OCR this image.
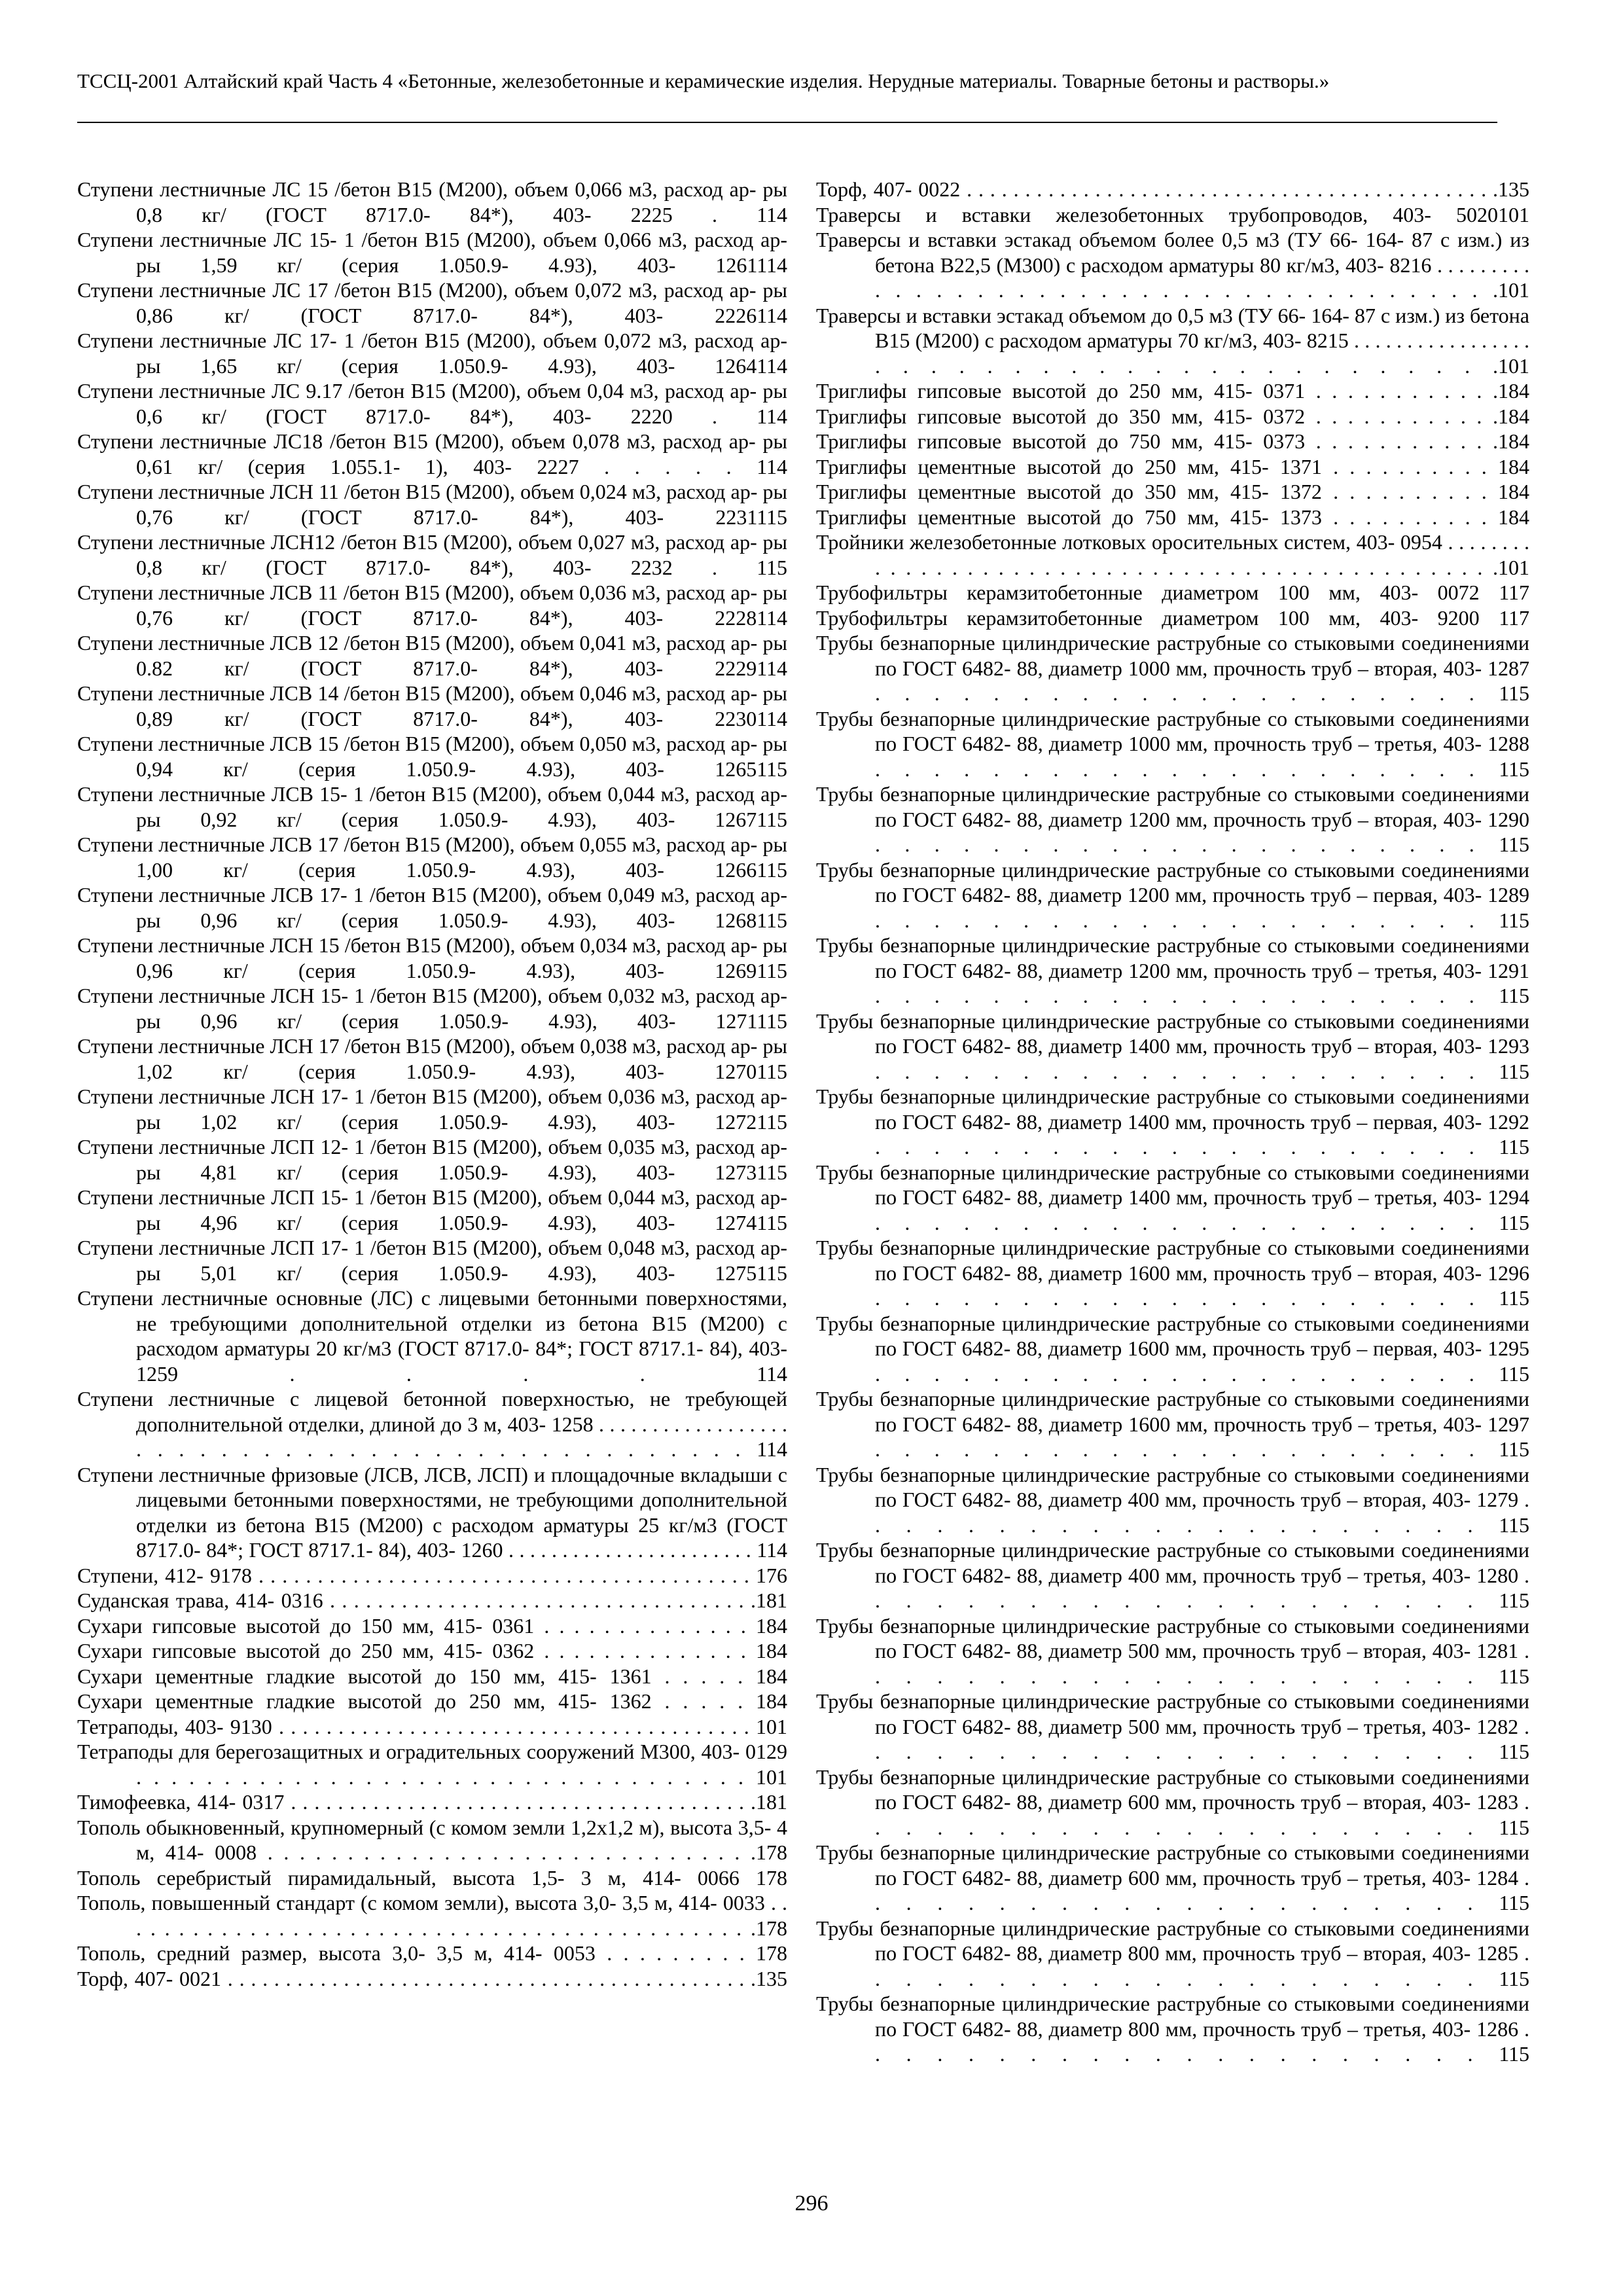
ТССЦ-2001 Алтайский край Часть 4 «Бетонные, железобетонные и керамические изделия. Нерудные материалы. Товарные бетоны и растворы.»

Ступени лестничные ЛС 15 /бетон В15 (М200), объем 0,066 м3, расход ар- ры 0,8 кг/ (ГОСТ 8717.0- 84*), 403- 2225 . 114

Ступени лестничные ЛС 15- 1 /бетон В15 (М200), объем 0,066 м3, расход ар- ры 1,59 кг/ (серия 1.050.9- 4.93), 403- 1261114

Ступени лестничные ЛС 17 /бетон В15 (М200), объем 0,072 м3, расход ар- ры 0,86 кг/ (ГОСТ 8717.0- 84*), 403- 2226114

Ступени лестничные ЛС 17- 1 /бетон В15 (М200), объем 0,072 м3, расход ар- ры 1,65 кг/ (серия 1.050.9- 4.93), 403- 1264114

Ступени лестничные ЛС 9.17 /бетон В15 (М200), объем 0,04 м3, расход ар- ры 0,6 кг/ (ГОСТ 8717.0- 84*), 403- 2220 . 114

Ступени лестничные ЛС18 /бетон В15 (М200), объем 0,078 м3, расход ар- ры 0,61 кг/ (серия 1.055.1- 1), 403- 2227 . . . . . 114

Ступени лестничные ЛСН 11 /бетон В15 (М200), объем 0,024 м3, расход ар- ры 0,76 кг/ (ГОСТ 8717.0- 84*), 403- 2231115

Ступени лестничные ЛСН12 /бетон В15 (М200), объем 0,027 м3, расход ар- ры 0,8 кг/ (ГОСТ 8717.0- 84*), 403- 2232 . 115

Ступени лестничные ЛСВ 11 /бетон В15 (М200), объем 0,036 м3, расход ар- ры 0,76 кг/ (ГОСТ 8717.0- 84*), 403- 2228114

Ступени лестничные ЛСВ 12 /бетон В15 (М200), объем 0,041 м3, расход ар- ры 0.82 кг/ (ГОСТ 8717.0- 84*), 403- 2229114

Ступени лестничные ЛСВ 14 /бетон В15 (М200), объем 0,046 м3, расход ар- ры 0,89 кг/ (ГОСТ 8717.0- 84*), 403- 2230114

Ступени лестничные ЛСВ 15 /бетон В15 (М200), объем 0,050 м3, расход ар- ры 0,94 кг/ (серия 1.050.9- 4.93), 403- 1265115

Ступени лестничные ЛСВ 15- 1 /бетон В15 (М200), объем 0,044 м3, расход ар- ры 0,92 кг/ (серия 1.050.9- 4.93), 403- 1267115

Ступени лестничные ЛСВ 17 /бетон В15 (М200), объем 0,055 м3, расход ар- ры 1,00 кг/ (серия 1.050.9- 4.93), 403- 1266115

Ступени лестничные ЛСВ 17- 1 /бетон В15 (М200), объем 0,049 м3, расход ар- ры 0,96 кг/ (серия 1.050.9- 4.93), 403- 1268115

Ступени лестничные ЛСН 15 /бетон В15 (М200), объем 0,034 м3, расход ар- ры 0,96 кг/ (серия 1.050.9- 4.93), 403- 1269115

Ступени лестничные ЛСН 15- 1 /бетон В15 (М200), объем 0,032 м3, расход ар- ры 0,96 кг/ (серия 1.050.9- 4.93), 403- 1271115

Ступени лестничные ЛСН 17 /бетон В15 (М200), объем 0,038 м3, расход ар- ры 1,02 кг/ (серия 1.050.9- 4.93), 403- 1270115

Ступени лестничные ЛСН 17- 1 /бетон В15 (М200), объем 0,036 м3, расход ар- ры 1,02 кг/ (серия 1.050.9- 4.93), 403- 1272115

Ступени лестничные ЛСП 12- 1 /бетон В15 (М200), объем 0,035 м3, расход ар- ры 4,81 кг/ (серия 1.050.9- 4.93), 403- 1273115

Ступени лестничные ЛСП 15- 1 /бетон В15 (М200), объем 0,044 м3, расход ар- ры 4,96 кг/ (серия 1.050.9- 4.93), 403- 1274115

Ступени лестничные ЛСП 17- 1 /бетон В15 (М200), объем 0,048 м3, расход ар- ры 5,01 кг/ (серия 1.050.9- 4.93), 403- 1275115

Ступени лестничные основные (ЛС) с лицевыми бетонными поверхностями, не требующими дополнительной отделки из бетона В15 (М200) с расходом арматуры 20 кг/м3 (ГОСТ 8717.0- 84*; ГОСТ 8717.1- 84), 403- 1259 . . . . 114

Ступени лестничные с лицевой бетонной поверхностью, не требующей дополнительной отделки, длиной до 3 м, 403- 1258 . . . . . . . . . . . . . . . . . . . . . . . . . . . . . . . . . . . . . . . . . . . . . . . 114

Ступени лестничные фризовые (ЛСВ, ЛСВ, ЛСП) и площадочные вкладыши с лицевыми бетонными поверхностями, не требующими дополнительной отделки из бетона В15 (М200) с расходом арматуры 25 кг/м3 (ГОСТ 8717.0- 84*; ГОСТ 8717.1- 84), 403- 1260 . . . . . . . . . . . . . . . . . . . . . . . 114

Ступени, 412- 9178 . . . . . . . . . . . . . . . . . . . . . . . . . . . . . . . . . . . . . . . . . . 176

Суданская трава, 414- 0316 . . . . . . . . . . . . . . . . . . . . . . . . . . . . . . . . . . . .181

Сухари гипсовые высотой до 150 мм, 415- 0361 . . . . . . . . . . . . . . 184

Сухари гипсовые высотой до 250 мм, 415- 0362 . . . . . . . . . . . . . . 184

Сухари цементные гладкие высотой до 150 мм, 415- 1361 . . . . . 184

Сухари цементные гладкие высотой до 250 мм, 415- 1362 . . . . . 184

Тетраподы, 403- 9130 . . . . . . . . . . . . . . . . . . . . . . . . . . . . . . . . . . . . . . . . 101

Тетраподы для берегозащитных и оградительных сооружений М300, 403- 0129 . . . . . . . . . . . . . . . . . . . . . . . . . . . . . . . . . . . 101

Тимофеевка, 414- 0317 . . . . . . . . . . . . . . . . . . . . . . . . . . . . . . . . . . . . . . . .181

Тополь обыкновенный, крупномерный (с комом земли 1,2х1,2 м), высота 3,5- 4 м, 414- 0008 . . . . . . . . . . . . . . . . . . . . . . . . . . . . . . .178

Тополь серебристый пирамидальный, высота 1,5- 3 м, 414- 0066 178

Тополь, повышенный стандарт (с комом земли), высота 3,0- 3,5 м, 414- 0033 . . . . . . . . . . . . . . . . . . . . . . . . . . . . . . . . . . . . . . . . . . . . . .178

Тополь, средний размер, высота 3,0- 3,5 м, 414- 0053 . . . . . . . . . 178

Торф, 407- 0021 . . . . . . . . . . . . . . . . . . . . . . . . . . . . . . . . . . . . . . . . . . . . . .135

Торф, 407- 0022 . . . . . . . . . . . . . . . . . . . . . . . . . . . . . . . . . . . . . . . . . . . . . .135

Траверсы и вставки железобетонных трубопроводов, 403- 5020101

Траверсы и вставки эстакад объемом более 0,5 м3 (ТУ 66- 164- 87 с изм.) из бетона В22,5 (М300) с расходом арматуры 80 кг/м3, 403- 8216 . . . . . . . . . . . . . . . . . . . . . . . . . . . . . . . . . . . . . . . .101

Траверсы и вставки эстакад объемом до 0,5 м3 (ТУ 66- 164- 87 с изм.) из бетона В15 (М200) с расходом арматуры 70 кг/м3, 403- 8215 . . . . . . . . . . . . . . . . . . . . . . . . . . . . . . . . . . . . . . . .101

Триглифы гипсовые высотой до 250 мм, 415- 0371 . . . . . . . . . . . .184

Триглифы гипсовые высотой до 350 мм, 415- 0372 . . . . . . . . . . . .184

Триглифы гипсовые высотой до 750 мм, 415- 0373 . . . . . . . . . . . .184

Триглифы цементные высотой до 250 мм, 415- 1371 . . . . . . . . . . 184

Триглифы цементные высотой до 350 мм, 415- 1372 . . . . . . . . . . 184

Триглифы цементные высотой до 750 мм, 415- 1373 . . . . . . . . . . 184

Тройники железобетонные лотковых оросительных систем, 403- 0954 . . . . . . . . . . . . . . . . . . . . . . . . . . . . . . . . . . . . . . . . . . . . . . . . .101

Трубофильтры керамзитобетонные диаметром 100 мм, 403- 0072 117

Трубофильтры керамзитобетонные диаметром 100 мм, 403- 9200 117

Трубы безнапорные цилиндрические раструбные со стыковыми соединениями по ГОСТ 6482- 88, диаметр 1000 мм, прочность труб – вторая, 403- 1287 . . . . . . . . . . . . . . . . . . . . . 115

Трубы безнапорные цилиндрические раструбные со стыковыми соединениями по ГОСТ 6482- 88, диаметр 1000 мм, прочность труб – третья, 403- 1288 . . . . . . . . . . . . . . . . . . . . . 115

Трубы безнапорные цилиндрические раструбные со стыковыми соединениями по ГОСТ 6482- 88, диаметр 1200 мм, прочность труб – вторая, 403- 1290 . . . . . . . . . . . . . . . . . . . . . 115

Трубы безнапорные цилиндрические раструбные со стыковыми соединениями по ГОСТ 6482- 88, диаметр 1200 мм, прочность труб – первая, 403- 1289 . . . . . . . . . . . . . . . . . . . . . 115

Трубы безнапорные цилиндрические раструбные со стыковыми соединениями по ГОСТ 6482- 88, диаметр 1200 мм, прочность труб – третья, 403- 1291 . . . . . . . . . . . . . . . . . . . . . 115

Трубы безнапорные цилиндрические раструбные со стыковыми соединениями по ГОСТ 6482- 88, диаметр 1400 мм, прочность труб – вторая, 403- 1293 . . . . . . . . . . . . . . . . . . . . . 115

Трубы безнапорные цилиндрические раструбные со стыковыми соединениями по ГОСТ 6482- 88, диаметр 1400 мм, прочность труб – первая, 403- 1292 . . . . . . . . . . . . . . . . . . . . . 115

Трубы безнапорные цилиндрические раструбные со стыковыми соединениями по ГОСТ 6482- 88, диаметр 1400 мм, прочность труб – третья, 403- 1294 . . . . . . . . . . . . . . . . . . . . . 115

Трубы безнапорные цилиндрические раструбные со стыковыми соединениями по ГОСТ 6482- 88, диаметр 1600 мм, прочность труб – вторая, 403- 1296 . . . . . . . . . . . . . . . . . . . . . 115

Трубы безнапорные цилиндрические раструбные со стыковыми соединениями по ГОСТ 6482- 88, диаметр 1600 мм, прочность труб – первая, 403- 1295 . . . . . . . . . . . . . . . . . . . . . 115

Трубы безнапорные цилиндрические раструбные со стыковыми соединениями по ГОСТ 6482- 88, диаметр 1600 мм, прочность труб – третья, 403- 1297 . . . . . . . . . . . . . . . . . . . . . 115

Трубы безнапорные цилиндрические раструбные со стыковыми соединениями по ГОСТ 6482- 88, диаметр 400 мм, прочность труб – вторая, 403- 1279 . . . . . . . . . . . . . . . . . . . . . 115

Трубы безнапорные цилиндрические раструбные со стыковыми соединениями по ГОСТ 6482- 88, диаметр 400 мм, прочность труб – третья, 403- 1280 . . . . . . . . . . . . . . . . . . . . . 115

Трубы безнапорные цилиндрические раструбные со стыковыми соединениями по ГОСТ 6482- 88, диаметр 500 мм, прочность труб – вторая, 403- 1281 . . . . . . . . . . . . . . . . . . . . . 115

Трубы безнапорные цилиндрические раструбные со стыковыми соединениями по ГОСТ 6482- 88, диаметр 500 мм, прочность труб – третья, 403- 1282 . . . . . . . . . . . . . . . . . . . . . 115

Трубы безнапорные цилиндрические раструбные со стыковыми соединениями по ГОСТ 6482- 88, диаметр 600 мм, прочность труб – вторая, 403- 1283 . . . . . . . . . . . . . . . . . . . . . 115

Трубы безнапорные цилиндрические раструбные со стыковыми соединениями по ГОСТ 6482- 88, диаметр 600 мм, прочность труб – третья, 403- 1284 . . . . . . . . . . . . . . . . . . . . . 115

Трубы безнапорные цилиндрические раструбные со стыковыми соединениями по ГОСТ 6482- 88, диаметр 800 мм, прочность труб – вторая, 403- 1285 . . . . . . . . . . . . . . . . . . . . . 115

Трубы безнапорные цилиндрические раструбные со стыковыми соединениями по ГОСТ 6482- 88, диаметр 800 мм, прочность труб – третья, 403- 1286 . . . . . . . . . . . . . . . . . . . . . 115

296
